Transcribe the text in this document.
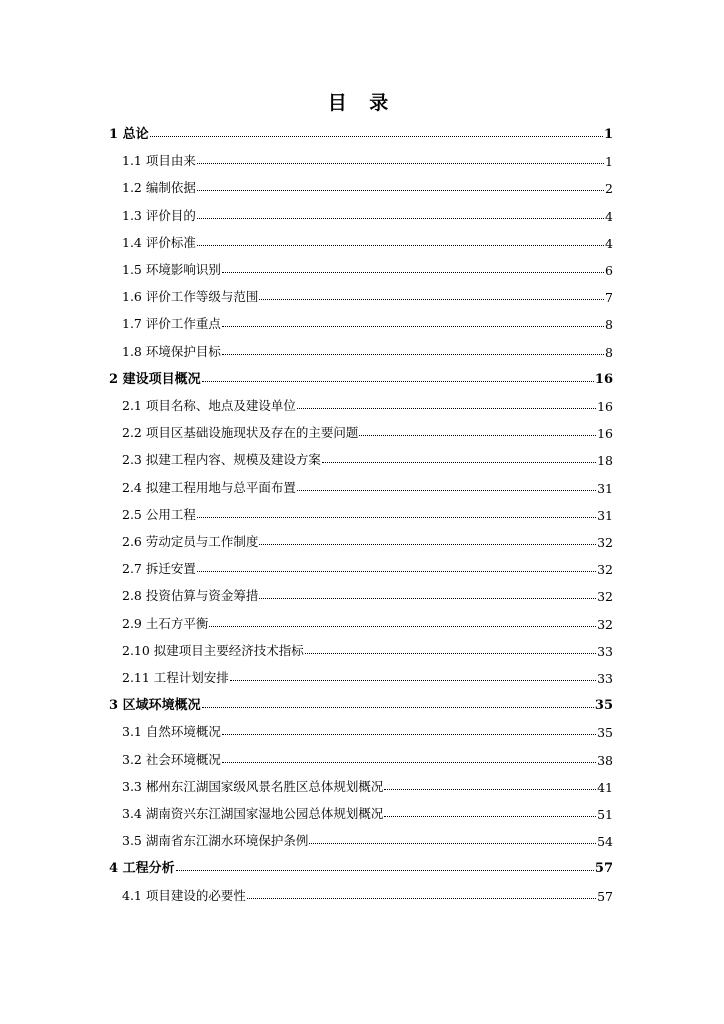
目 录
1 总论	1
1.1 项目由来	1
1.2 编制依据	2
1.3 评价目的	4
1.4 评价标准	4
1.5 环境影响识别	6
1.6 评价工作等级与范围	7
1.7 评价工作重点	8
1.8 环境保护目标	8
2 建设项目概况	16
2.1 项目名称、地点及建设单位	16
2.2 项目区基础设施现状及存在的主要问题	16
2.3 拟建工程内容、规模及建设方案	18
2.4 拟建工程用地与总平面布置	31
2.5 公用工程	31
2.6 劳动定员与工作制度	32
2.7 拆迁安置	32
2.8 投资估算与资金筹措	32
2.9 土石方平衡	32
2.10 拟建项目主要经济技术指标	33
2.11 工程计划安排	33
3 区域环境概况	35
3.1 自然环境概况	35
3.2 社会环境概况	38
3.3 郴州东江湖国家级风景名胜区总体规划概况	41
3.4 湖南资兴东江湖国家湿地公园总体规划概况	51
3.5 湖南省东江湖水环境保护条例	54
4 工程分析	57
4.1 项目建设的必要性	57
